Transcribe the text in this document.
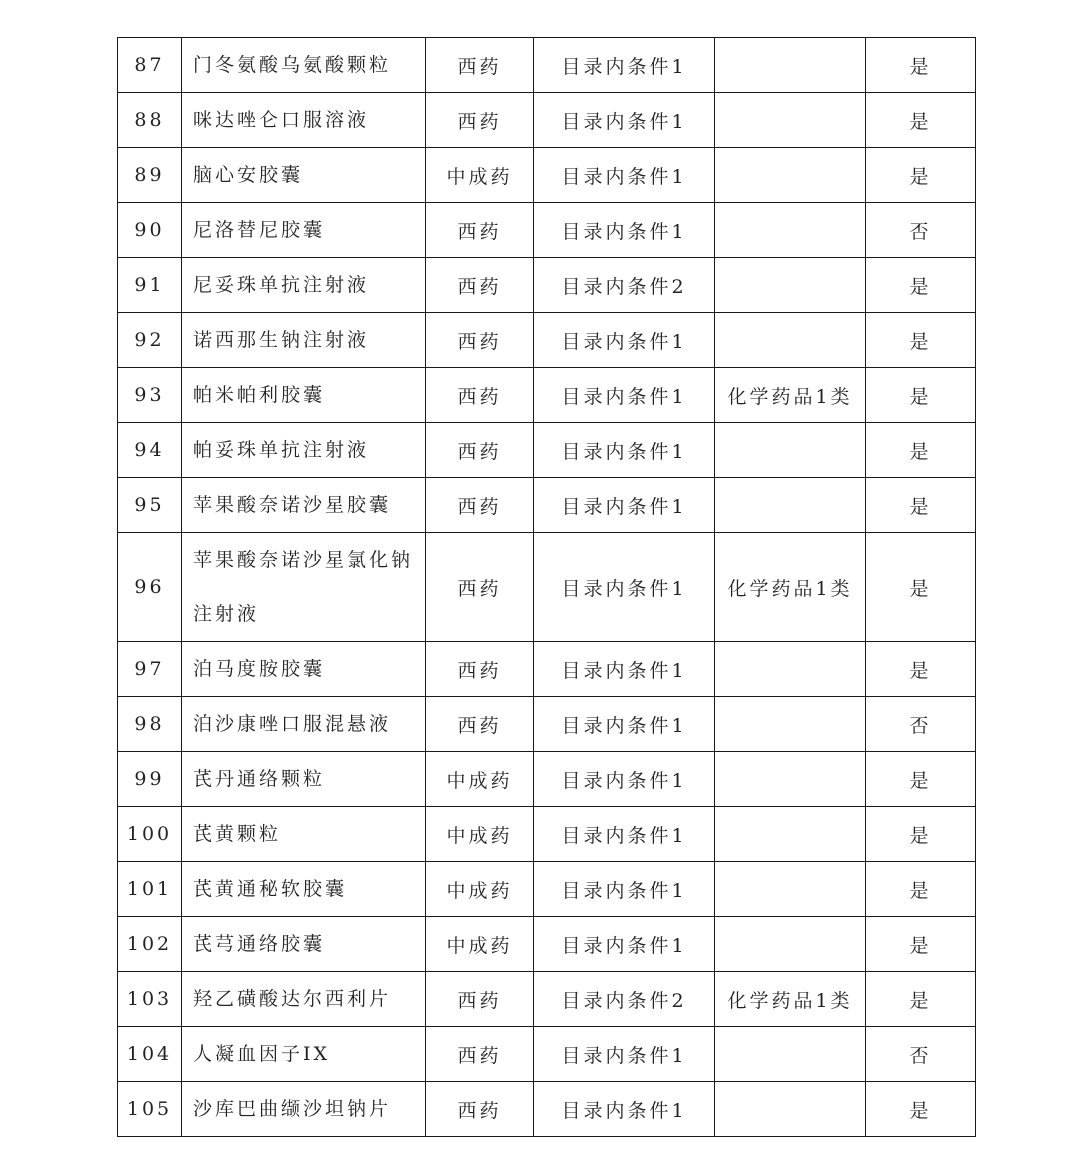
87	门冬氨酸乌氨酸颗粒	西药	目录内条件1		是
88	咪达唑仑口服溶液	西药	目录内条件1		是
89	脑心安胶囊	中成药	目录内条件1		是
90	尼洛替尼胶囊	西药	目录内条件1		否
91	尼妥珠单抗注射液	西药	目录内条件2		是
92	诺西那生钠注射液	西药	目录内条件1		是
93	帕米帕利胶囊	西药	目录内条件1	化学药品1类	是
94	帕妥珠单抗注射液	西药	目录内条件1		是
95	苹果酸奈诺沙星胶囊	西药	目录内条件1		是
96	苹果酸奈诺沙星氯化钠注射液	西药	目录内条件1	化学药品1类	是
97	泊马度胺胶囊	西药	目录内条件1		是
98	泊沙康唑口服混悬液	西药	目录内条件1		否
99	芪丹通络颗粒	中成药	目录内条件1		是
100	芪黄颗粒	中成药	目录内条件1		是
101	芪黄通秘软胶囊	中成药	目录内条件1		是
102	芪芎通络胶囊	中成药	目录内条件1		是
103	羟乙磺酸达尔西利片	西药	目录内条件2	化学药品1类	是
104	人凝血因子IX	西药	目录内条件1		否
105	沙库巴曲缬沙坦钠片	西药	目录内条件1		是
